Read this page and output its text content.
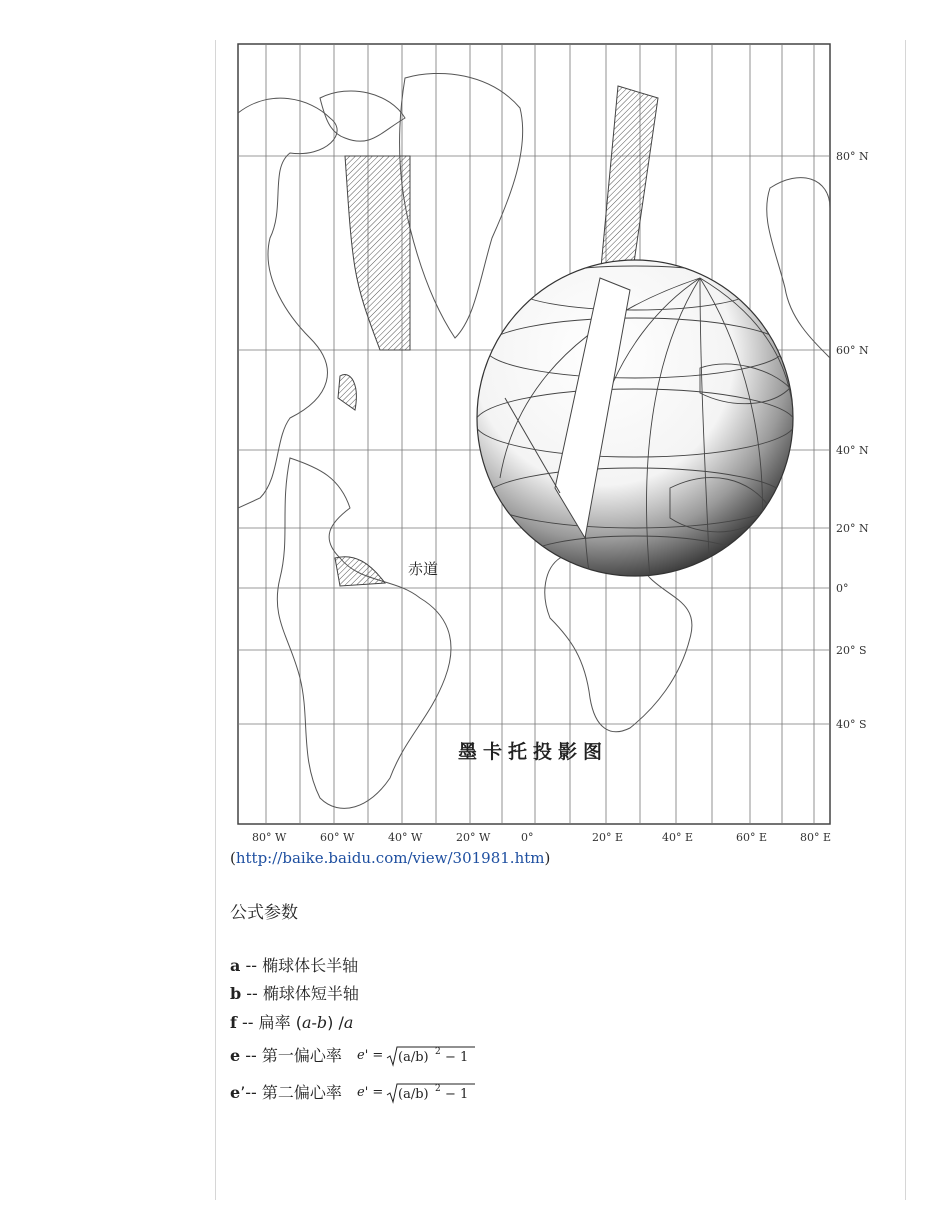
80° N
60° N
40° N
20° N
0°
20° S
40° S
80° W	60° W	40° W	20° W	0°	20° E	40° E	60° E	80° E
赤道
墨卡托投影图
(http://baike.baidu.com/view/301981.htm)
公式参数
a -- 椭球体长半轴
b -- 椭球体短半轴
f -- 扁率 (a-b) /a
e -- 第一偏心率 e' = (a/b) 2 − 1
e’-- 第二偏心率 e' = (a/b) 2 − 1
